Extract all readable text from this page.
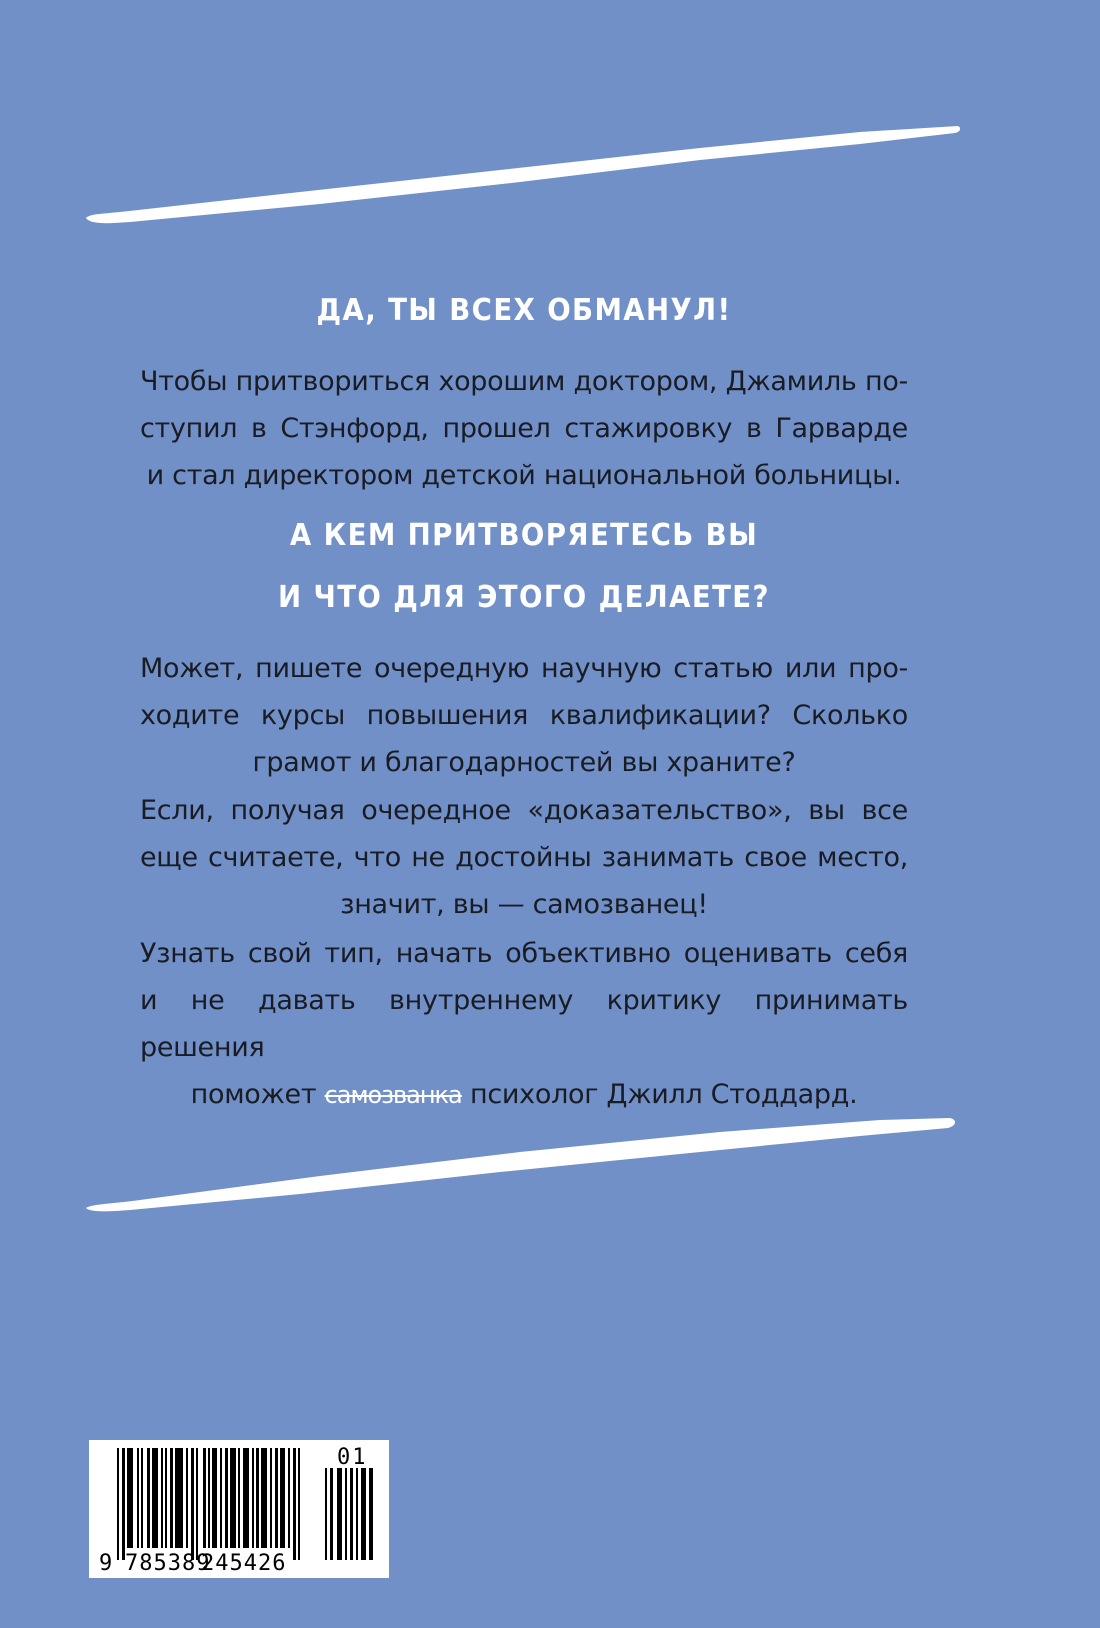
ДА, ТЫ ВСЕХ ОБМАНУЛ!

Чтобы притвориться хорошим доктором, Джамиль по-
ступил в Стэнфорд, прошел стажировку в Гарварде
и стал директором детской национальной больницы.

А КЕМ ПРИТВОРЯЕТЕСЬ ВЫ
И ЧТО ДЛЯ ЭТОГО ДЕЛАЕТЕ?

Может, пишете очередную научную статью или про-
ходите курсы повышения квалификации? Сколько
грамот и благодарностей вы храните?

Если, получая очередное «доказательство», вы все
еще считаете, что не достойны занимать свое место,
значит, вы — самозванец!

Узнать свой тип, начать объективно оценивать себя
и не давать внутреннему критику принимать решения
поможет самозванка психолог Джилл Стоддард.

9 785389
245426
01
